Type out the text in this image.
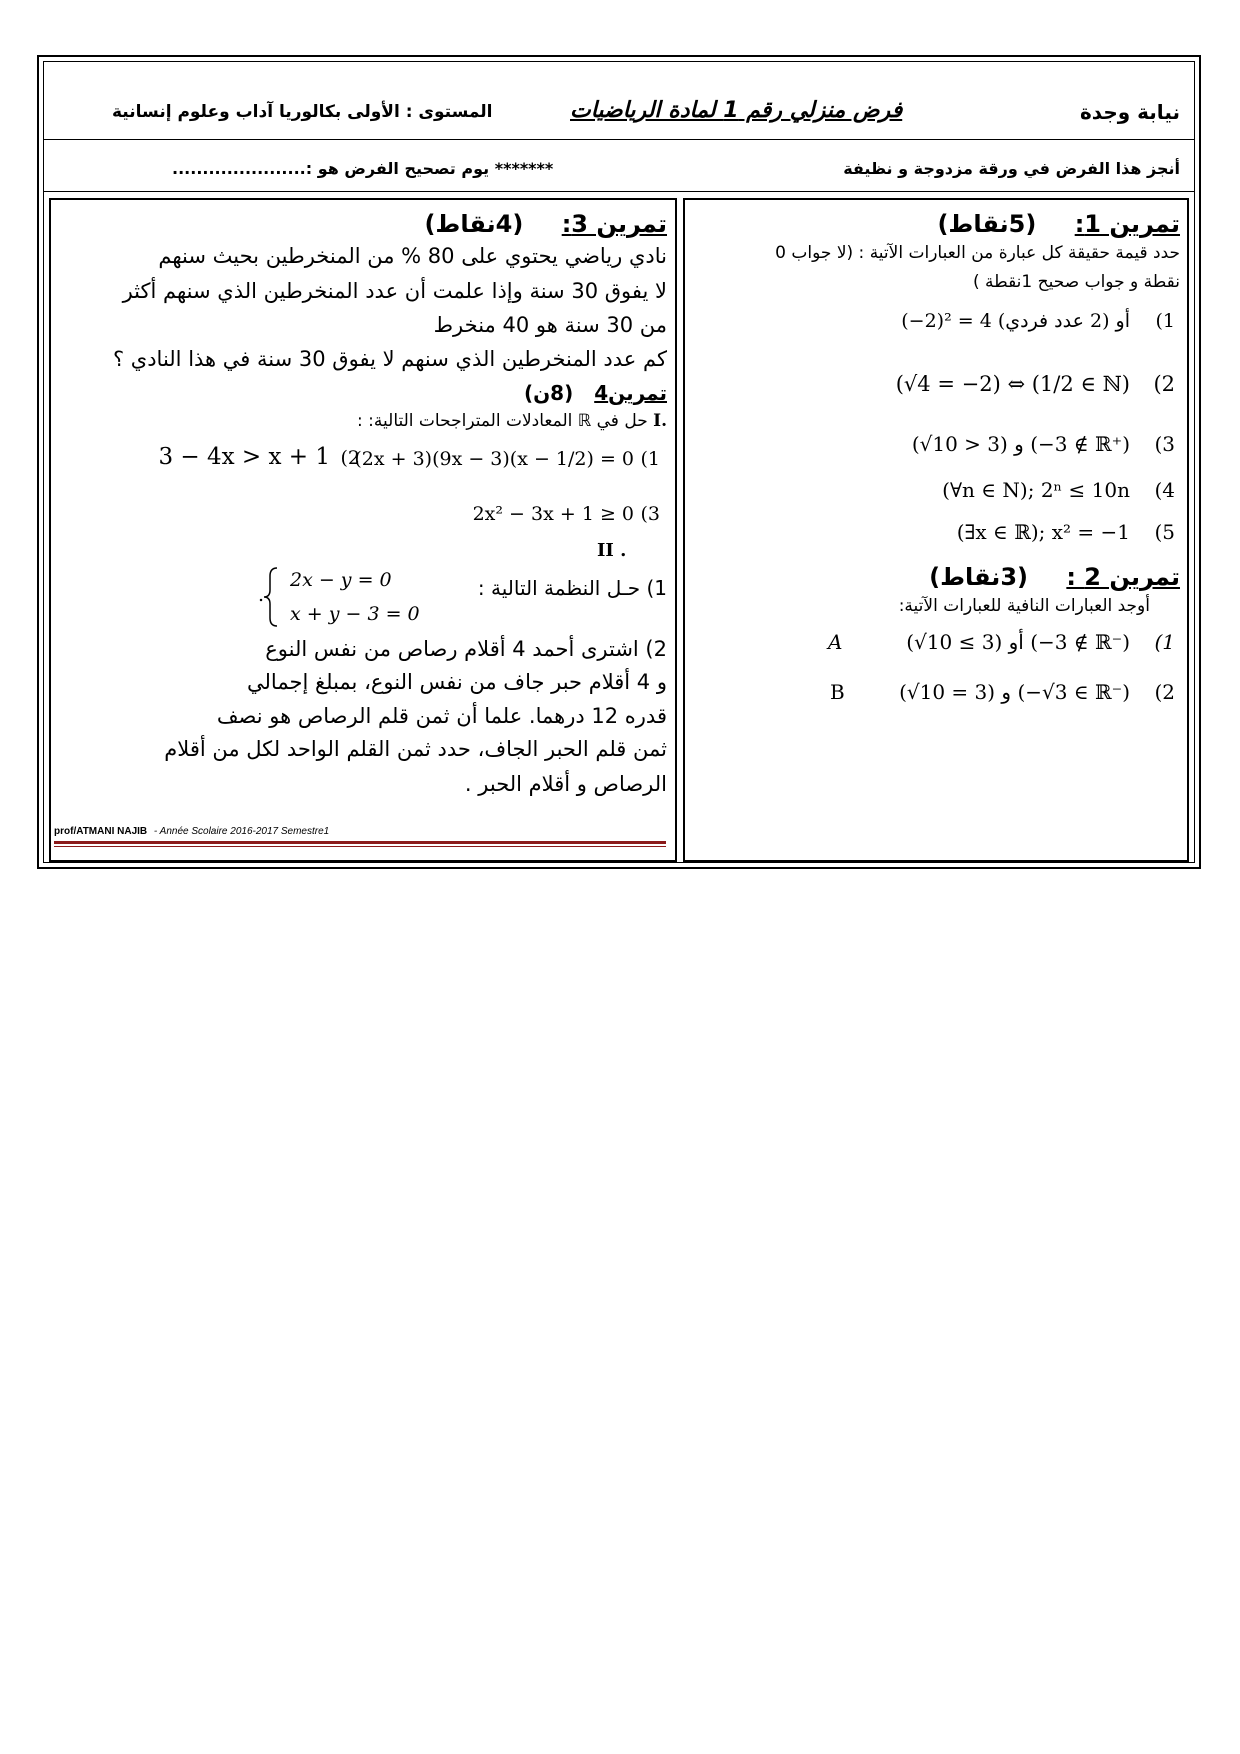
نيابة وجدة
فرض منزلي رقم 1 لمادة الرياضيات
المستوى : الأولى بكالوريا آداب وعلوم إنسانية
أنجز هذا الفرض في ورقة مزدوجة و نظيفة
******* يوم تصحيح الفرض هو :......................
تمرين 1: (5نقاط)
حدد قيمة حقيقة كل عبارة من العبارات الآتية : (لا جواب 0
نقطة و جواب صحيح 1نقطة )
(1
(−2)² = 4 أو (2 عدد فردي)
(2
(√4 = −2) ⇔ (1/2 ∈ ℕ)
(3
(√10 > 3) و (−3 ∉ ℝ⁺)
(4
(∀n ∈ N); 2ⁿ ≤ 10n
(5
(∃x ∈ ℝ); x² = −1
تمرين 2 : (3نقاط)
أوجد العبارات النافية للعبارات الآتية:
(1
(√10 ≤ 3) أو (−3 ∉ ℝ⁻)
A
(2
(√10 = 3) و (−√3 ∈ ℝ⁻)
B
تمرين 3: (4نقاط)
نادي رياضي يحتوي على 80 % من المنخرطين بحيث سنهم
لا يفوق 30 سنة وإذا علمت أن عدد المنخرطين الذي سنهم أكثر
من 30 سنة هو 40 منخرط
كم عدد المنخرطين الذي سنهم لا يفوق 30 سنة في هذا النادي ؟
تمرين4 (8ن)
I. حل في ℝ المعادلات المتراجحات التالية: :
(1
(2x + 3)(9x − 3)(x − 1/2) = 0
(2
3 − 4x > x + 1
(3
2x² − 3x + 1 ≥ 0
II .
1) حـل النظمة التالية :
2x − y = 0
x + y − 3 = 0
.
2) اشترى أحمد 4 أقلام رصاص من نفس النوع
و 4 أقلام حبر جاف من نفس النوع، بمبلغ إجمالي
قدره 12 درهما. علما أن ثمن قلم الرصاص هو نصف
ثمن قلم الحبر الجاف، حدد ثمن القلم الواحد لكل من أقلام
الرصاص و أقلام الحبر .
prof/ATMANI NAJIB - Année Scolaire 2016-2017 Semestre1
